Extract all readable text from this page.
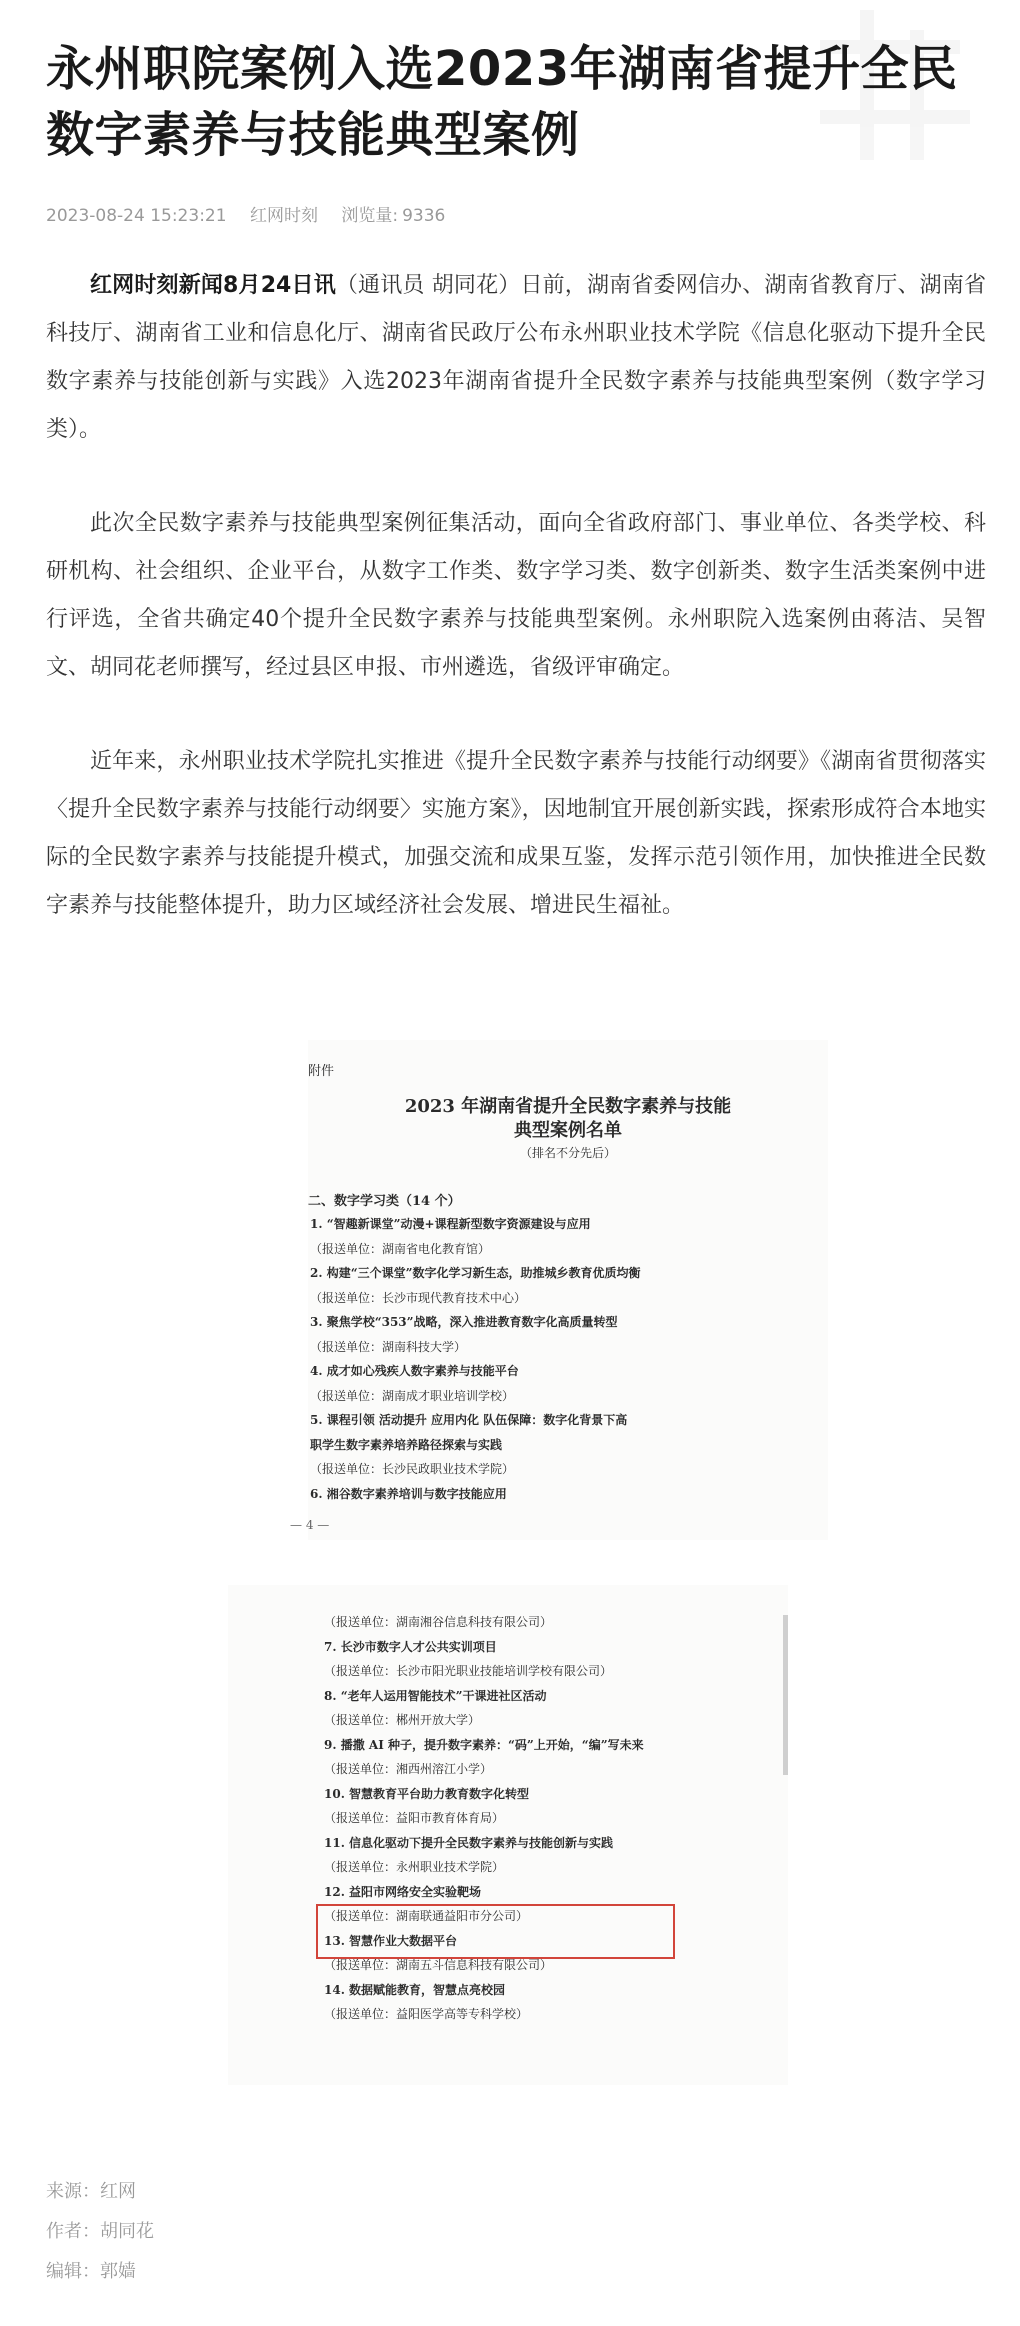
永州职院案例入选2023年湖南省提升全民
数字素养与技能典型案例
2023-08-24 15:23:21 红网时刻 浏览量: 9336

红网时刻新闻8月24日讯（通讯员 胡同花）日前，湖南省委网信办、湖南省教育厅、湖南省科技厅、湖南省工业和信息化厅、湖南省民政厅公布永州职业技术学院《信息化驱动下提升全民数字素养与技能创新与实践》入选2023年湖南省提升全民数字素养与技能典型案例（数字学习类）。

此次全民数字素养与技能典型案例征集活动，面向全省政府部门、事业单位、各类学校、科研机构、社会组织、企业平台，从数字工作类、数字学习类、数字创新类、数字生活类案例中进行评选，全省共确定40个提升全民数字素养与技能典型案例。永州职院入选案例由蒋洁、吴智文、胡同花老师撰写，经过县区申报、市州遴选，省级评审确定。

近年来，永州职业技术学院扎实推进《提升全民数字素养与技能行动纲要》《湖南省贯彻落实〈提升全民数字素养与技能行动纲要〉实施方案》，因地制宜开展创新实践，探索形成符合本地实际的全民数字素养与技能提升模式，加强交流和成果互鉴，发挥示范引领作用，加快推进全民数字素养与技能整体提升，助力区域经济社会发展、增进民生福祉。

附件
2023 年湖南省提升全民数字素养与技能
典型案例名单
（排名不分先后）
二、数字学习类（14 个）
1. “智趣新课堂”动漫+课程新型数字资源建设与应用
（报送单位：湖南省电化教育馆）
2. 构建“三个课堂”数字化学习新生态，助推城乡教育优质均衡
（报送单位：长沙市现代教育技术中心）
3. 聚焦学校“353”战略，深入推进教育数字化高质量转型
（报送单位：湖南科技大学）
4. 成才如心残疾人数字素养与技能平台
（报送单位：湖南成才职业培训学校）
5. 课程引领 活动提升 应用内化 队伍保障：数字化背景下高
职学生数字素养培养路径探索与实践
（报送单位：长沙民政职业技术学院）
6. 湘谷数字素养培训与数字技能应用
— 4 —
（报送单位：湖南湘谷信息科技有限公司）
7. 长沙市数字人才公共实训项目
（报送单位：长沙市阳光职业技能培训学校有限公司）
8. “老年人运用智能技术”干课进社区活动
（报送单位：郴州开放大学）
9. 播撒 AI 种子，提升数字素养：“码”上开始，“编”写未来
（报送单位：湘西州溶江小学）
10. 智慧教育平台助力教育数字化转型
（报送单位：益阳市教育体育局）
11. 信息化驱动下提升全民数字素养与技能创新与实践
（报送单位：永州职业技术学院）
12. 益阳市网络安全实验靶场
（报送单位：湖南联通益阳市分公司）
13. 智慧作业大数据平台
（报送单位：湖南五斗信息科技有限公司）
14. 数据赋能教育，智慧点亮校园
（报送单位：益阳医学高等专科学校）
来源：红网
作者：胡同花
编辑：郭嫱
